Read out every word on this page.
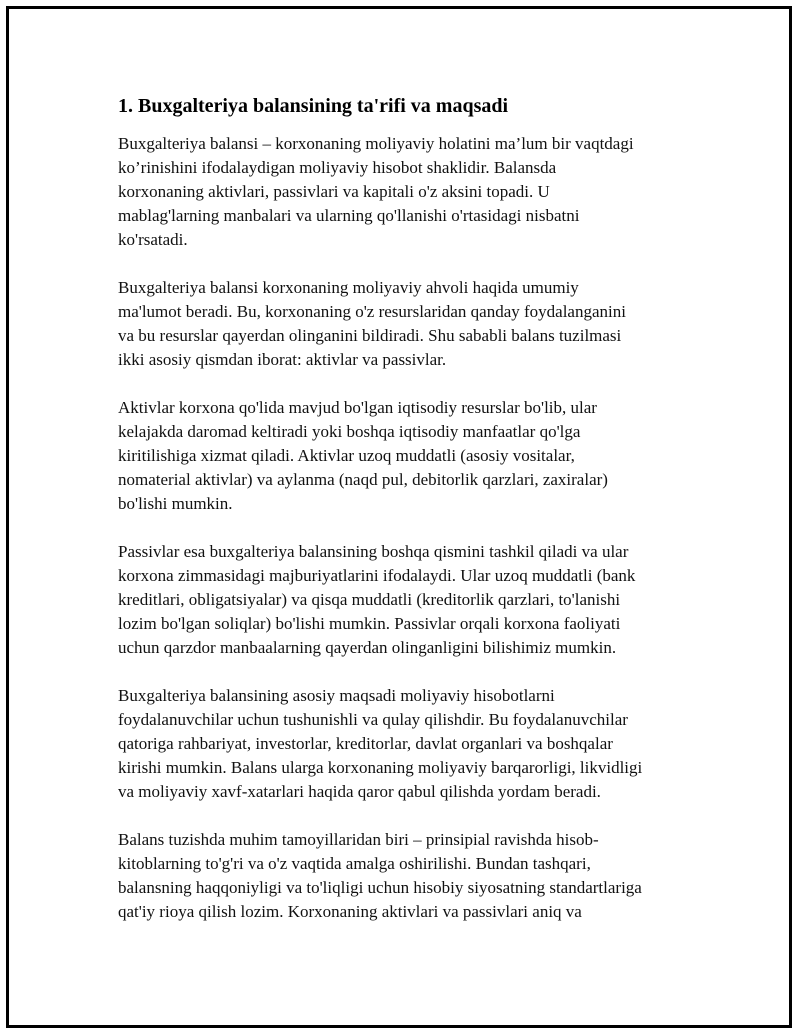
1. Buxgalteriya balansining ta'rifi va maqsadi

Buxgalteriya balansi – korxonaning moliyaviy holatini ma’lum bir vaqtdagi
ko’rinishini ifodalaydigan moliyaviy hisobot shaklidir. Balansda
korxonaning aktivlari, passivlari va kapitali o'z aksini topadi. U
mablag'larning manbalari va ularning qo'llanishi o'rtasidagi nisbatni
ko'rsatadi.

Buxgalteriya balansi korxonaning moliyaviy ahvoli haqida umumiy
ma'lumot beradi. Bu, korxonaning o'z resurslaridan qanday foydalanganini
va bu resurslar qayerdan olinganini bildiradi. Shu sababli balans tuzilmasi
ikki asosiy qismdan iborat: aktivlar va passivlar.

Aktivlar korxona qo'lida mavjud bo'lgan iqtisodiy resurslar bo'lib, ular
kelajakda daromad keltiradi yoki boshqa iqtisodiy manfaatlar qo'lga
kiritilishiga xizmat qiladi. Aktivlar uzoq muddatli (asosiy vositalar,
nomaterial aktivlar) va aylanma (naqd pul, debitorlik qarzlari, zaxiralar)
bo'lishi mumkin.

Passivlar esa buxgalteriya balansining boshqa qismini tashkil qiladi va ular
korxona zimmasidagi majburiyatlarini ifodalaydi. Ular uzoq muddatli (bank
kreditlari, obligatsiyalar) va qisqa muddatli (kreditorlik qarzlari, to'lanishi
lozim bo'lgan soliqlar) bo'lishi mumkin. Passivlar orqali korxona faoliyati
uchun qarzdor manbaalarning qayerdan olinganligini bilishimiz mumkin.

Buxgalteriya balansining asosiy maqsadi moliyaviy hisobotlarni
foydalanuvchilar uchun tushunishli va qulay qilishdir. Bu foydalanuvchilar
qatoriga rahbariyat, investorlar, kreditorlar, davlat organlari va boshqalar
kirishi mumkin. Balans ularga korxonaning moliyaviy barqarorligi, likvidligi
va moliyaviy xavf-xatarlari haqida qaror qabul qilishda yordam beradi.

Balans tuzishda muhim tamoyillaridan biri – prinsipial ravishda hisob-
kitoblarning to'g'ri va o'z vaqtida amalga oshirilishi. Bundan tashqari,
balansning haqqoniyligi va to'liqligi uchun hisobiy siyosatning standartlariga
qat'iy rioya qilish lozim. Korxonaning aktivlari va passivlari aniq va
